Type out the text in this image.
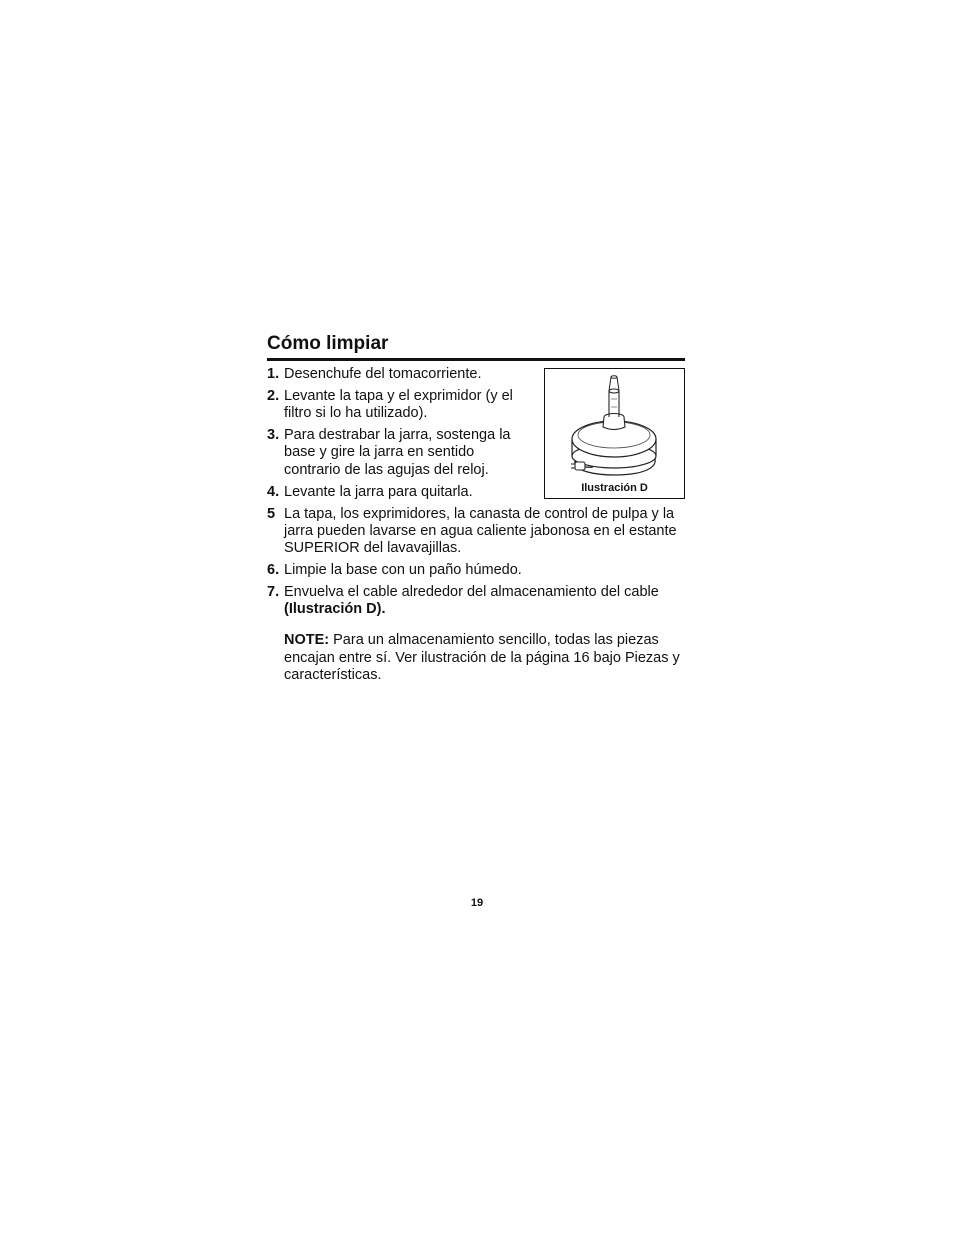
Cómo limpiar
1. Desenchufe del tomacorriente.
2. Levante la tapa y el exprimidor (y el filtro si lo ha utilizado).
3. Para destrabar la jarra, sostenga la base y gire la jarra en sentido contrario de las agujas del reloj.
4. Levante la jarra para quitarla.
5 La tapa, los exprimidores, la canasta de control de pulpa y la jarra pueden lavarse en agua caliente jabonosa en el estante SUPERIOR del lavavajillas.
6. Limpie la base con un paño húmedo.
7. Envuelva el cable alrededor del almacenamiento del cable
(Ilustración D).
NOTE: Para un almacenamiento sencillo, todas las piezas encajan entre sí. Ver ilustración de la página 16 bajo Piezas y características.
Ilustración D
19
